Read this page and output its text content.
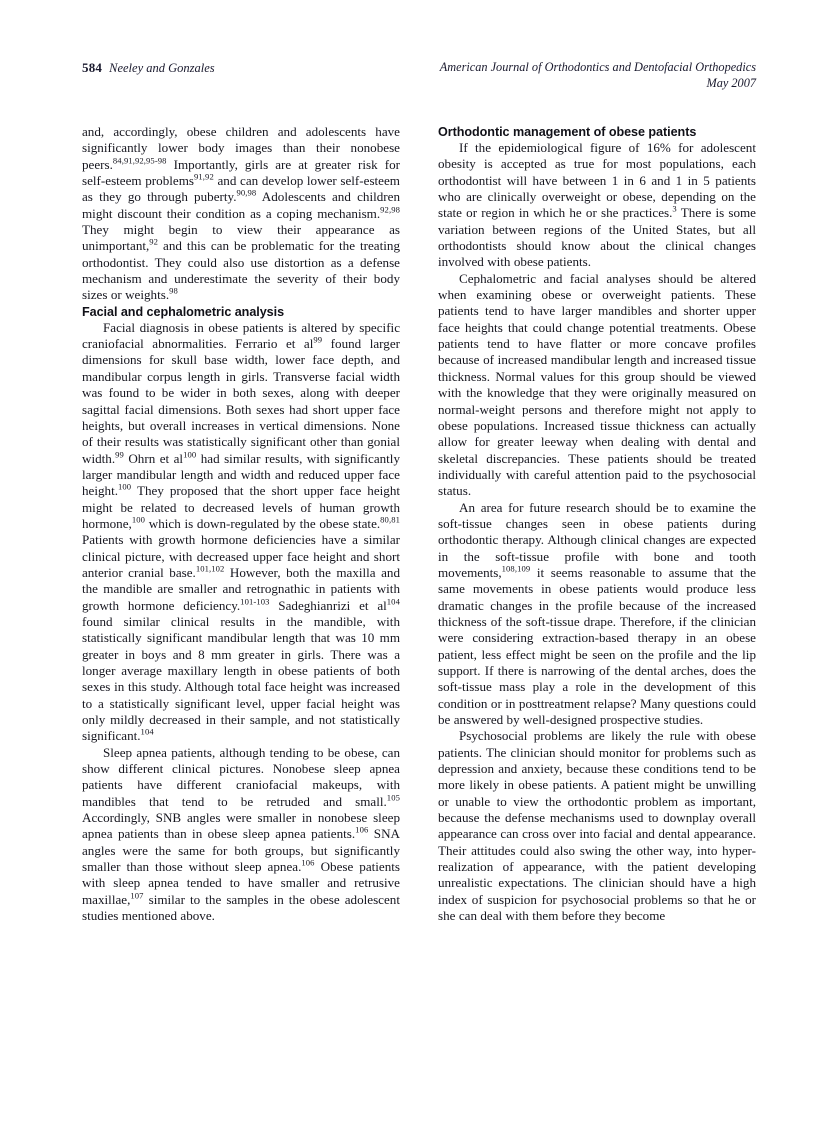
584 Neeley and Gonzales	American Journal of Orthodontics and Dentofacial Orthopedics
May 2007

and, accordingly, obese children and adolescents have significantly lower body images than their nonobese peers.$^{84,91,92,95-98}$ Importantly, girls are at greater risk for self-esteem problems$^{91,92}$ and can develop lower self-esteem as they go through puberty.$^{90,98}$ Adolescents and children might discount their condition as a coping mechanism.$^{92,98}$ They might begin to view their appearance as unimportant,$^{92}$ and this can be problematic for the treating orthodontist. They could also use distortion as a defense mechanism and underestimate the severity of their body sizes or weights.$^{98}$

Facial and cephalometric analysis

Facial diagnosis in obese patients is altered by specific craniofacial abnormalities. Ferrario et $al^{99}$ found larger dimensions for skull base width, lower face depth, and mandibular corpus length in girls. Transverse facial width was found to be wider in both sexes, along with deeper sagittal facial dimensions. Both sexes had short upper face heights, but overall increases in vertical dimensions. None of their results was statistically significant other than gonial width.$^{99}$ Ohrn et $al^{100}$ had similar results, with significantly larger mandibular length and width and reduced upper face height.$^{100}$ They proposed that the short upper face height might be related to decreased levels of human growth hormone,$^{100}$ which is down-regulated by the obese state.$^{80,81}$ Patients with growth hormone deficiencies have a similar clinical picture, with decreased upper face height and short anterior cranial base.$^{101,102}$ However, both the maxilla and the mandible are smaller and retrognathic in patients with growth hormone deficiency.$^{101-103}$ Sadeghianrizi et $al^{104}$ found similar clinical results in the mandible, with statistically significant mandibular length that was 10 mm greater in boys and 8 mm greater in girls. There was a longer average maxillary length in obese patients of both sexes in this study. Although total face height was increased to a statistically significant level, upper facial height was only mildly decreased in their sample, and not statistically significant.$^{104}$

Sleep apnea patients, although tending to be obese, can show different clinical pictures. Nonobese sleep apnea patients have different craniofacial makeups, with mandibles that tend to be retruded and small.$^{105}$ Accordingly, SNB angles were smaller in nonobese sleep apnea patients than in obese sleep apnea patients.$^{106}$ SNA angles were the same for both groups, but significantly smaller than those without sleep apnea.$^{106}$ Obese patients with sleep apnea tended to have smaller and retrusive maxillae,$^{107}$ similar to the samples in the obese adolescent studies mentioned above.

Orthodontic management of obese patients

If the epidemiological figure of 16% for adolescent obesity is accepted as true for most populations, each orthodontist will have between 1 in 6 and 1 in 5 patients who are clinically overweight or obese, depending on the state or region in which he or she practices.$^3$ There is some variation between regions of the United States, but all orthodontists should know about the clinical changes involved with obese patients.

Cephalometric and facial analyses should be altered when examining obese or overweight patients. These patients tend to have larger mandibles and shorter upper face heights that could change potential treatments. Obese patients tend to have flatter or more concave profiles because of increased mandibular length and increased tissue thickness. Normal values for this group should be viewed with the knowledge that they were originally measured on normal-weight persons and therefore might not apply to obese populations. Increased tissue thickness can actually allow for greater leeway when dealing with dental and skeletal discrepancies. These patients should be treated individually with careful attention paid to the psychosocial status.

An area for future research should be to examine the soft-tissue changes seen in obese patients during orthodontic therapy. Although clinical changes are expected in the soft-tissue profile with bone and tooth movements,$^{108,109}$ it seems reasonable to assume that the same movements in obese patients would produce less dramatic changes in the profile because of the increased thickness of the soft-tissue drape. Therefore, if the clinician were considering extraction-based therapy in an obese patient, less effect might be seen on the profile and the lip support. If there is narrowing of the dental arches, does the soft-tissue mass play a role in the development of this condition or in posttreatment relapse? Many questions could be answered by well-designed prospective studies.

Psychosocial problems are likely the rule with obese patients. The clinician should monitor for problems such as depression and anxiety, because these conditions tend to be more likely in obese patients. A patient might be unwilling or unable to view the orthodontic problem as important, because the defense mechanisms used to downplay overall appearance can cross over into facial and dental appearance. Their attitudes could also swing the other way, into hyper-realization of appearance, with the patient developing unrealistic expectations. The clinician should have a high index of suspicion for psychosocial problems so that he or she can deal with them before they become
